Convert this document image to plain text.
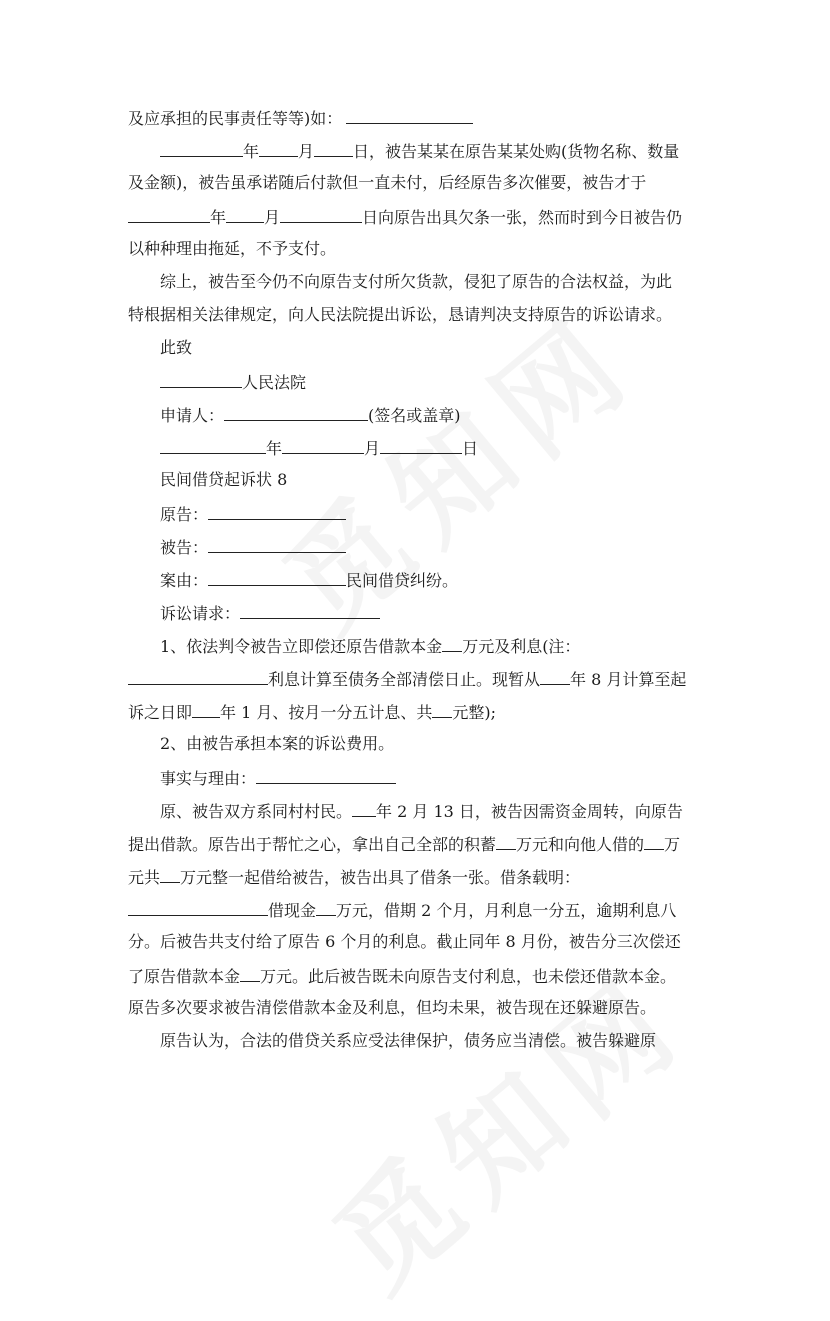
及应承担的民事责任等等)如：
年 月 日，被告某某在原告某某处购(货物名称、数量
及金额)，被告虽承诺随后付款但一直未付，后经原告多次催要，被告才于
年 月	日向原告出具欠条一张，然而时到今日被告仍
以种种理由拖延，不予支付。
综上，被告至今仍不向原告支付所欠货款，侵犯了原告的合法权益，为此
特根据相关法律规定，向人民法院提出诉讼，恳请判决支持原告的诉讼请求。
此致
人民法院
申请人：	(签名或盖章)
年	月	日
民间借贷起诉状 8
原告：
被告：
案由：	民间借贷纠纷。
诉讼请求：
1、依法判令被告立即偿还原告借款本金 万元及利息(注：
利息计算至债务全部清偿日止。现暂从 年 8 月计算至起
诉之日即 年 1 月、按月一分五计息、共 元整);
2、由被告承担本案的诉讼费用。
事实与理由：
原、被告双方系同村村民。 年 2 月 13 日，被告因需资金周转，向原告
提出借款。原告出于帮忙之心，拿出自己全部的积蓄 万元和向他人借的 万
元共 万元整一起借给被告，被告出具了借条一张。借条载明：
借现金 万元，借期 2 个月，月利息一分五，逾期利息八
分。后被告共支付给了原告 6 个月的利息。截止同年 8 月份，被告分三次偿还
了原告借款本金 万元。此后被告既未向原告支付利息，也未偿还借款本金。
原告多次要求被告清偿借款本金及利息，但均未果，被告现在还躲避原告。
原告认为，合法的借贷关系应受法律保护，债务应当清偿。被告躲避原
